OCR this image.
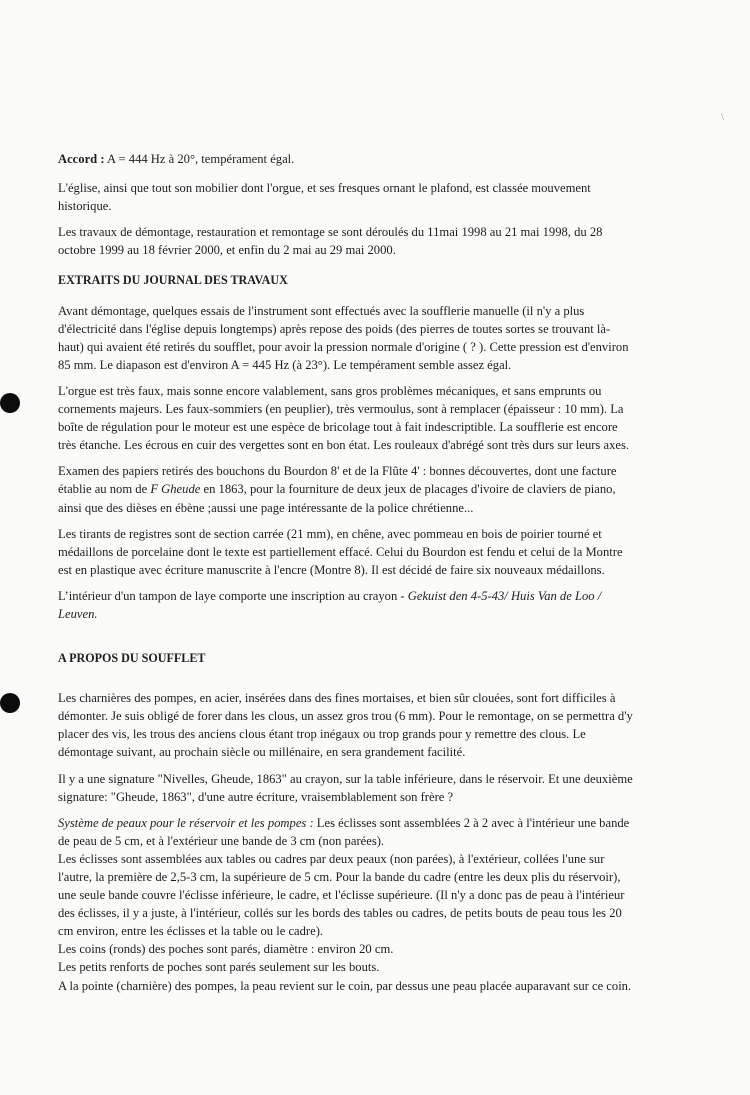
\

Accord : A = 444 Hz à 20°, tempérament égal.

L'église, ainsi que tout son mobilier dont l'orgue, et ses fresques ornant le plafond, est classée mouvement historique.

Les travaux de démontage, restauration et remontage se sont déroulés du 11mai 1998 au 21 mai 1998, du 28 octobre 1999 au 18 février 2000, et enfin du 2 mai au 29 mai 2000.

EXTRAITS DU JOURNAL DES TRAVAUX

Avant démontage, quelques essais de l'instrument sont effectués avec la soufflerie manuelle (il n'y a plus d'électricité dans l'église depuis longtemps) après repose des poids (des pierres de toutes sortes se trouvant là-haut) qui avaient été retirés du soufflet, pour avoir la pression normale d'origine ( ? ). Cette pression est d'environ 85 mm. Le diapason est d'environ A = 445 Hz (à 23°). Le tempérament semble assez égal.

L'orgue est très faux, mais sonne encore valablement, sans gros problèmes mécaniques, et sans emprunts ou cornements majeurs. Les faux-sommiers (en peuplier), très vermoulus, sont à remplacer (épaisseur : 10 mm). La boîte de régulation pour le moteur est une espèce de bricolage tout à fait indescriptible. La soufflerie est encore très étanche. Les écrous en cuir des vergettes sont en bon état. Les rouleaux d'abrégé sont très durs sur leurs axes.

Examen des papiers retirés des bouchons du Bourdon 8' et de la Flûte 4' : bonnes découvertes, dont une facture établie au nom de F Gheude en 1863, pour la fourniture de deux jeux de placages d'ivoire de claviers de piano, ainsi que des dièses en ébène ;aussi une page intéressante de la police chrétienne...

Les tirants de registres sont de section carrée (21 mm), en chêne, avec pommeau en bois de poirier tourné et médaillons de porcelaine dont le texte est partiellement effacé. Celui du Bourdon est fendu et celui de la Montre est en plastique avec écriture manuscrite à l'encre (Montre 8). Il est décidé de faire six nouveaux médaillons.

L’intérieur d'un tampon de laye comporte une inscription au crayon - Gekuist den 4-5-43/ Huis Van de Loo / Leuven.

A PROPOS DU SOUFFLET

Les charnières des pompes, en acier, insérées dans des fines mortaises, et bien sûr clouées, sont fort difficiles à démonter. Je suis obligé de forer dans les clous, un assez gros trou (6 mm). Pour le remontage, on se permettra d'y placer des vis, les trous des anciens clous étant trop inégaux ou trop grands pour y remettre des clous. Le démontage suivant, au prochain siècle ou millénaire, en sera grandement facilité.

Il y a une signature "Nivelles, Gheude, 1863" au crayon, sur la table inférieure, dans le réservoir. Et une deuxième signature: "Gheude, 1863", d'une autre écriture, vraisemblablement son frère ?

Système de peaux pour le réservoir et les pompes : Les éclisses sont assemblées 2 à 2 avec à l'intérieur une bande de peau de 5 cm, et à l'extérieur une bande de 3 cm (non parées).

Les éclisses sont assemblées aux tables ou cadres par deux peaux (non parées), à l'extérieur, collées l'une sur l'autre, la première de 2,5-3 cm, la supérieure de 5 cm. Pour la bande du cadre (entre les deux plis du réservoir), une seule bande couvre l'éclisse inférieure, le cadre, et l'éclisse supérieure. (Il n'y a donc pas de peau à l'intérieur des éclisses, il y a juste, à l'intérieur, collés sur les bords des tables ou cadres, de petits bouts de peau tous les 20 cm environ, entre les éclisses et la table ou le cadre).

Les coins (ronds) des poches sont parés, diamètre : environ 20 cm.

Les petits renforts de poches sont parés seulement sur les bouts.

A la pointe (charnière) des pompes, la peau revient sur le coin, par dessus une peau placée auparavant sur ce coin.
